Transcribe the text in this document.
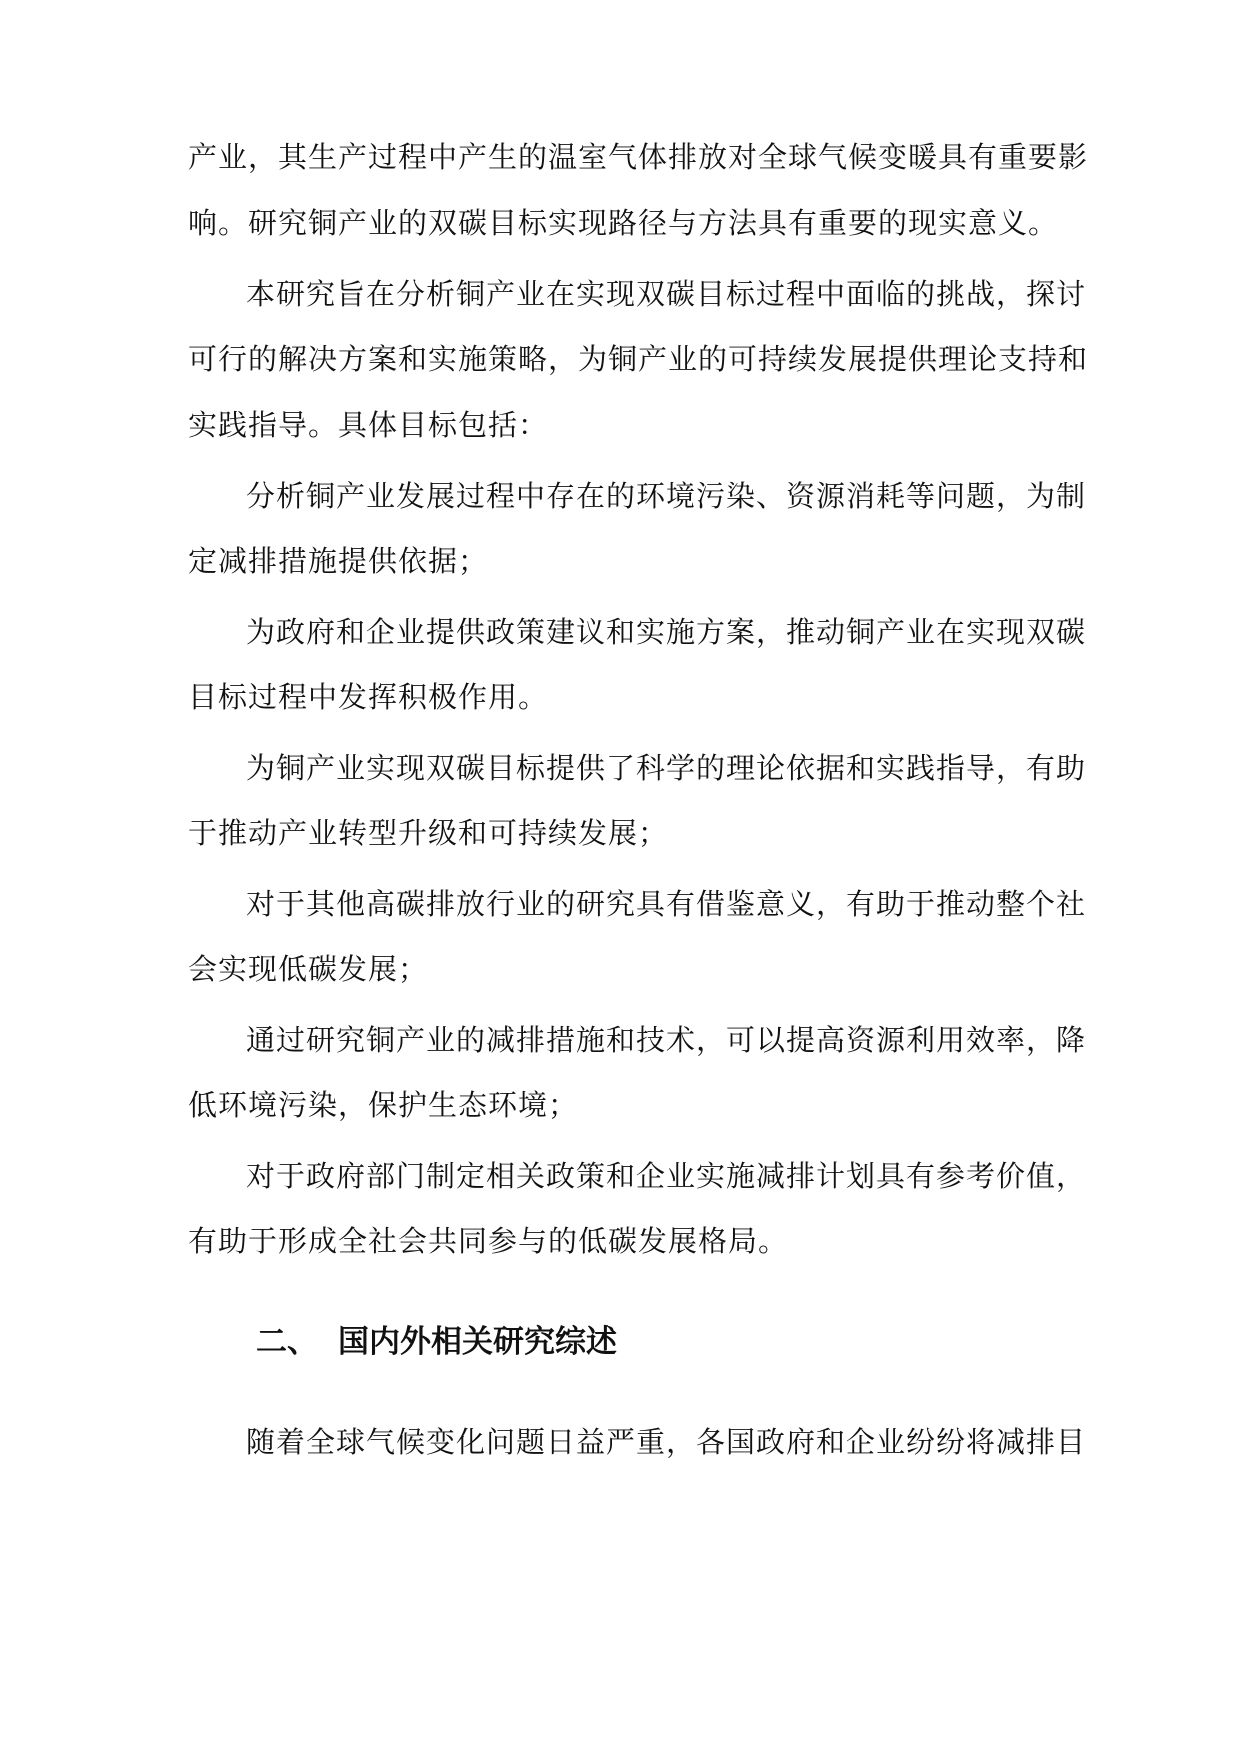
产业，其生产过程中产生的温室气体排放对全球气候变暖具有重要影
响。研究铜产业的双碳目标实现路径与方法具有重要的现实意义。
本研究旨在分析铜产业在实现双碳目标过程中面临的挑战，探讨
可行的解决方案和实施策略，为铜产业的可持续发展提供理论支持和
实践指导。具体目标包括：
分析铜产业发展过程中存在的环境污染、资源消耗等问题，为制
定减排措施提供依据；
为政府和企业提供政策建议和实施方案，推动铜产业在实现双碳
目标过程中发挥积极作用。
为铜产业实现双碳目标提供了科学的理论依据和实践指导，有助
于推动产业转型升级和可持续发展；
对于其他高碳排放行业的研究具有借鉴意义，有助于推动整个社
会实现低碳发展；
通过研究铜产业的减排措施和技术，可以提高资源利用效率，降
低环境污染，保护生态环境；
对于政府部门制定相关政策和企业实施减排计划具有参考价值，
有助于形成全社会共同参与的低碳发展格局。
二、 国内外相关研究综述
随着全球气候变化问题日益严重，各国政府和企业纷纷将减排目
